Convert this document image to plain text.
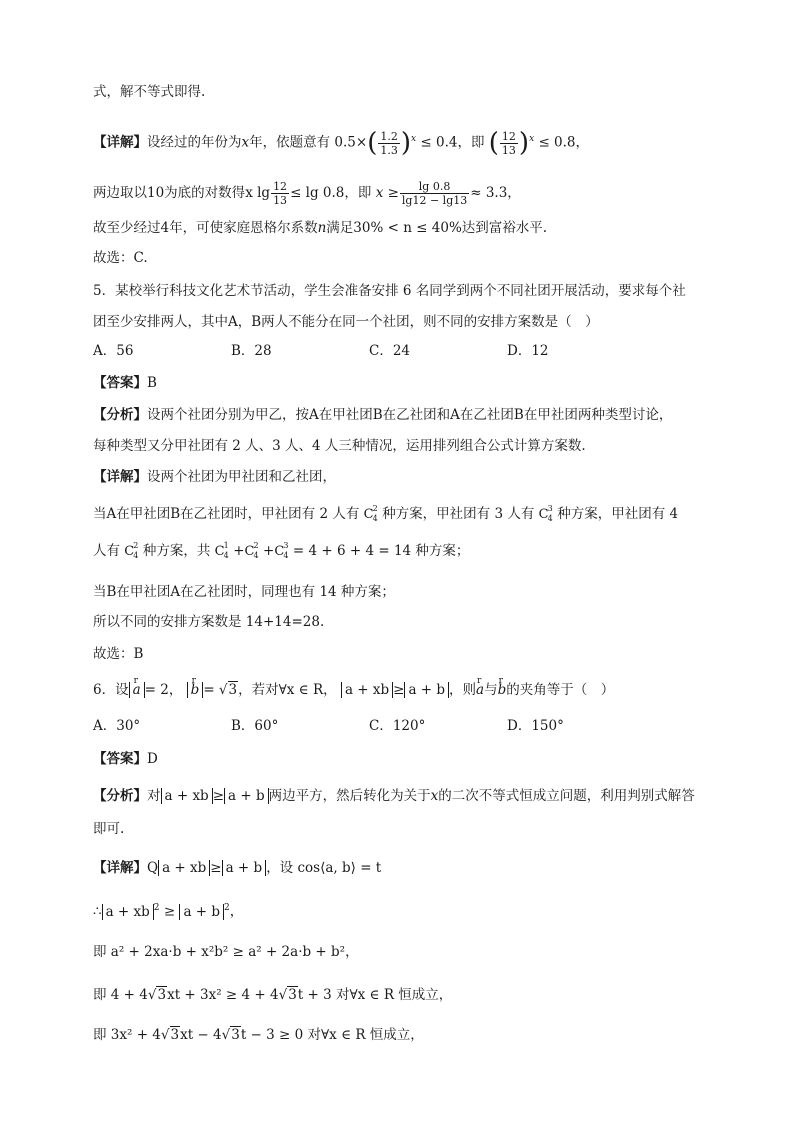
式，解不等式即得.
【详解】设经过的年份为x年，依题意有 $0.5\times( \frac{1.2}{1.3} )^x \le 0.4$，即 ( $\frac{12}{13} )^x \le 0.8$，
两边取以10为底的对数得x $\lg \frac{12}{13} \le \lg 0.8$，即 $x \ge \frac{\lg 0.8}{\lg 12 - \lg 13} \approx 3.3$，
故至少经过4年，可使家庭恩格尔系数n满足30% < n ≤ 40%达到富裕水平.
故选：C.
5．某校举行科技文化艺术节活动，学生会准备安排 6 名同学到两个不同社团开展活动，要求每个社
团至少安排两人，其中A，B两人不能分在同一个社团，则不同的安排方案数是（　）
A．56	B．28	C．24	D．12
【答案】B
【分析】设两个社团分别为甲乙，按A在甲社团B在乙社团和A在乙社团B在甲社团两种类型讨论，
每种类型又分甲社团有 2 人、3 人、4 人三种情况，运用排列组合公式计算方案数.
【详解】设两个社团为甲社团和乙社团，
当A在甲社团B在乙社团时，甲社团有 2 人有 C 2
4 种方案，甲社团有 3 人有 C 3
4 种方案，甲社团有 4
人有 C 2
4 种方案，共 C 1
4 +C 2
4 +C 3
4 = 4 + 6 + 4 = 14 种方案；
当B在甲社团A在乙社团时，同理也有 14 种方案；
所以不同的安排方案数是 14+14=28.
故选：B
6．设 r a = 2， r b = √3，若对∀x ∈ R， a + xb ≥ a + b ，则r a与r b的夹角等于（　）
A．30°	B．60°	C．120°	D．150°
【答案】D
【分析】对 a + xb ≥ a + b 两边平方，然后转化为关于x的二次不等式恒成立问题，利用判别式解答
即可.
【详解】Q a + xb ≥ a + b ，设 cos⟨a, b⟩ = t
∴ a + xb $^2$ ≥ a + b $^2$，
即 a² + 2xa·b + x²b² ≥ a² + 2a·b + b²，
即 4 + 4√3xt + 3x² ≥ 4 + 4√3t + 3 对∀x ∈ R 恒成立，
即 3x² + 4√3xt − 4√3t − 3 ≥ 0 对∀x ∈ R 恒成立，
